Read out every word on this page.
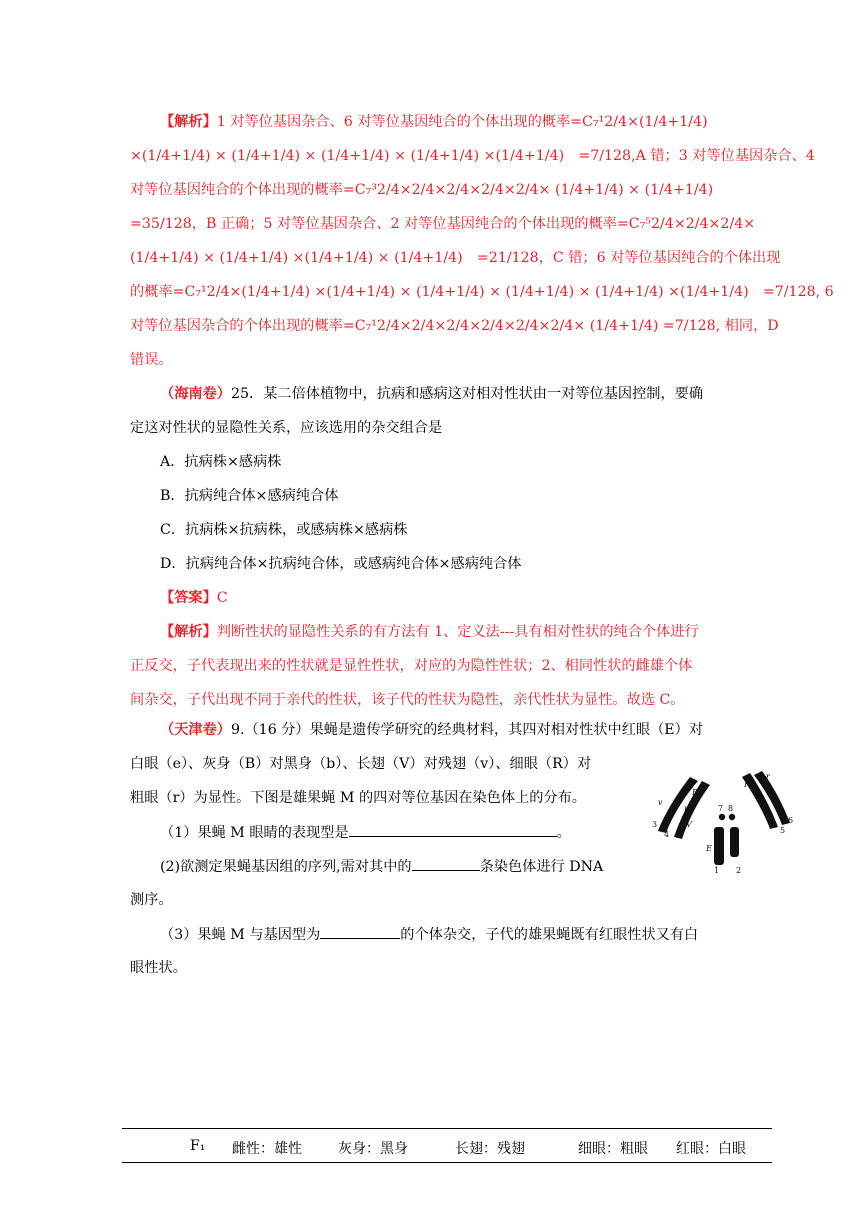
【解析】1 对等位基因杂合、6 对等位基因纯合的个体出现的概率=C₇¹2/4×(1/4+1/4)
×(1/4+1/4) × (1/4+1/4) × (1/4+1/4) × (1/4+1/4) ×(1/4+1/4)　=7/128,A 错；3 对等位基因杂合、4
对等位基因纯合的个体出现的概率=C₇³2/4×2/4×2/4×2/4×2/4× (1/4+1/4) × (1/4+1/4)
=35/128，B 正确；5 对等位基因杂合、2 对等位基因纯合的个体出现的概率=C₇⁵2/4×2/4×2/4×
(1/4+1/4) × (1/4+1/4) ×(1/4+1/4) × (1/4+1/4)　=21/128，C 错；6 对等位基因纯合的个体出现
的概率=C₇¹2/4×(1/4+1/4) ×(1/4+1/4) × (1/4+1/4) × (1/4+1/4) × (1/4+1/4) ×(1/4+1/4)　=7/128, 6
对等位基因杂合的个体出现的概率=C₇¹2/4×2/4×2/4×2/4×2/4×2/4× (1/4+1/4) =7/128, 相同，D
错误。
（海南卷）25．某二倍体植物中，抗病和感病这对相对性状由一对等位基因控制，要确
定这对性状的显隐性关系，应该选用的杂交组合是
A．抗病株×感病株
B．抗病纯合体×感病纯合体
C．抗病株×抗病株，或感病株×感病株
D．抗病纯合体×抗病纯合体，或感病纯合体×感病纯合体
【答案】C
【解析】判断性状的显隐性关系的有方法有 1、定义法---具有相对性状的纯合个体进行
正反交，子代表现出来的性状就是显性性状，对应的为隐性性状；2、相同性状的雌雄个体
间杂交，子代出现不同于亲代的性状，该子代的性状为隐性，亲代性状为显性。故选 C。
（天津卷）9.（16 分）果蝇是遗传学研究的经典材料，其四对相对性状中红眼（E）对
白眼（e）、灰身（B）对黑身（b）、长翅（V）对残翅（v）、细眼（R）对
粗眼（r）为显性。下图是雄果蝇 M 的四对等位基因在染色体上的分布。
（1）果蝇 M 眼睛的表现型是	。
(2)欲测定果蝇基因组的序列,需对其中的	条染色体进行 DNA
测序。
（3）果蝇 M 与基因型为	的个体杂交，子代的雄果蝇既有红眼性状又有白
眼性状。
3
4	5
6
7 8
1 2
B
b
V
v
R
r
E
F₁ 雌性：雄性	灰身：黑身	长翅：残翅	细眼：粗眼 红眼：白眼
